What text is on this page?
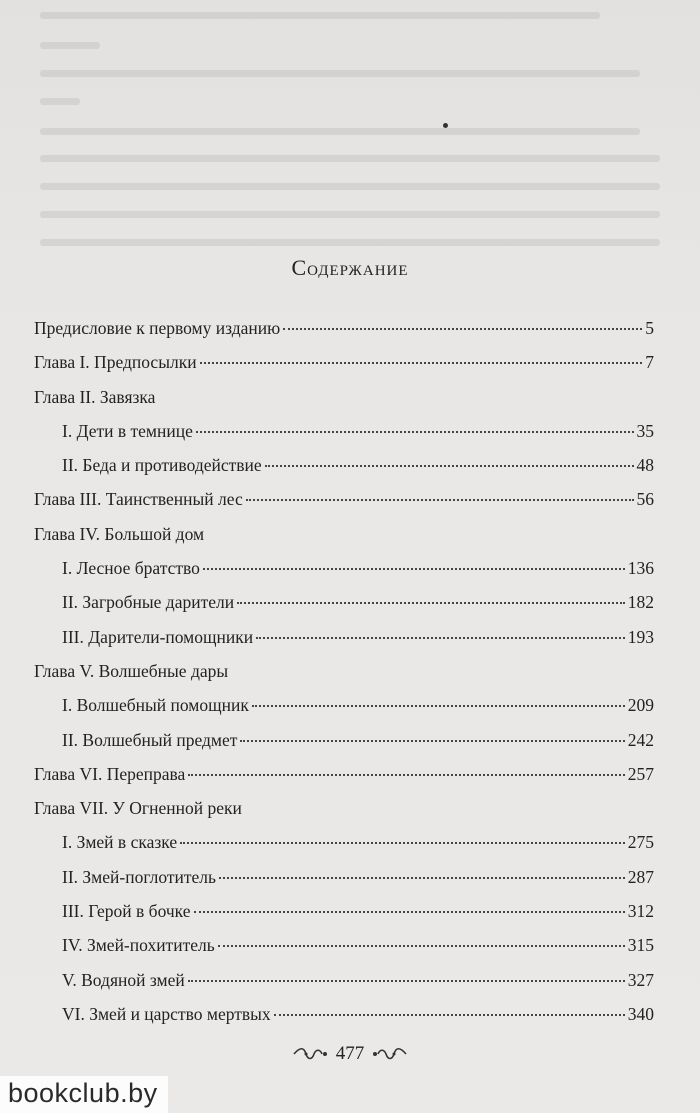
Содержание
Предисловие к первому изданию	5
Глава I. Предпосылки	7
Глава II. Завязка
I. Дети в темнице	35
II. Беда и противодействие	48
Глава III. Таинственный лес	56
Глава IV. Большой дом
I. Лесное братство	136
II. Загробные дарители	182
III. Дарители-помощники	193
Глава V. Волшебные дары
I. Волшебный помощник	209
II. Волшебный предмет	242
Глава VI. Переправа	257
Глава VII. У Огненной реки
I. Змей в сказке	275
II. Змей-поглотитель	287
III. Герой в бочке	312
IV. Змей-похититель	315
V. Водяной змей	327
VI. Змей и царство мертвых	340
477
bookclub.by
